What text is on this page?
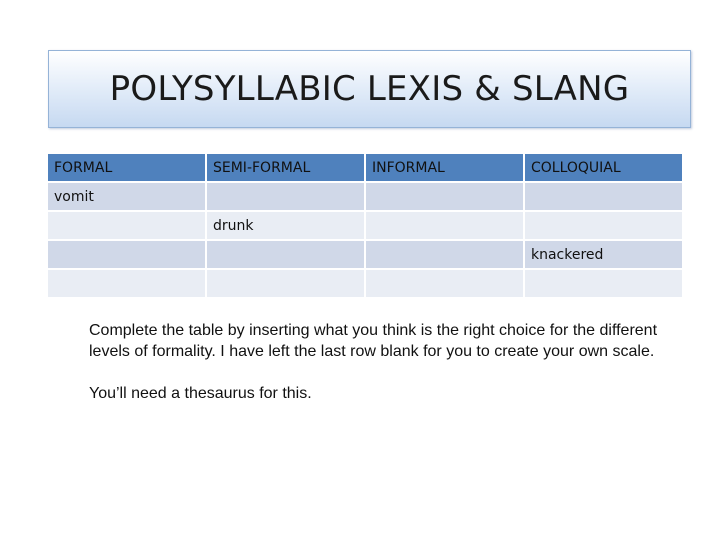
POLYSYLLABIC LEXIS & SLANG
FORMAL	SEMI-FORMAL	INFORMAL	COLLOQUIAL
vomit			
	drunk		
			knackered

Complete the table by inserting what you think is the right choice for the different levels of formality. I have left the last row blank for you to create your own scale.

You’ll need a thesaurus for this.
